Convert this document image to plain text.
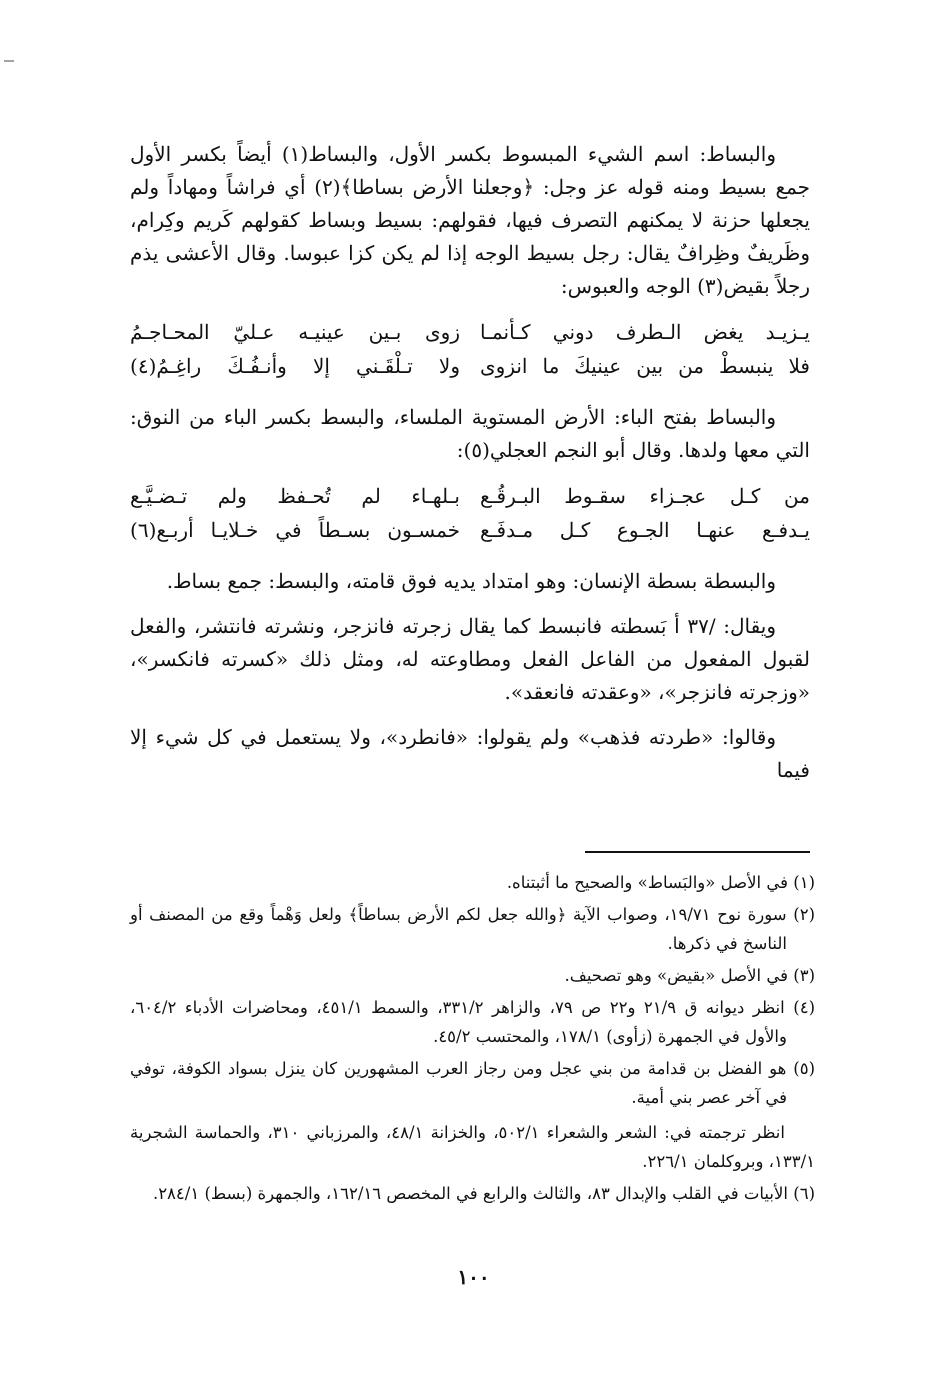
والبساط: اسم الشيء المبسوط بكسر الأول، والبساط(١) أيضاً بكسر الأول جمع بسيط ومنه قوله عز وجل: ﴿وجعلنا الأرض بساطا﴾(٢) أي فراشاً ومهاداً ولم يجعلها حزنة لا يمكنهم التصرف فيها، فقولهم: بسيط وبساط كقولهم كَريم وكِرام، وظَريفٌ وظِرافٌ يقال: رجل بسيط الوجه إذا لم يكن كزا عبوسا. وقال الأعشى يذم رجلاً بقيض(٣) الوجه والعبوس:

يـزيـد يغض الـطرف دوني كـأنمـا
زوى بـين عينيـه عـليّ المحـاجـمُ
فلا ينبسطْ من بين عينيكَ ما انزوى
ولا تـلْقَـني إلا وأنـفُـكَ راغِـمُ(٤)

والبساط بفتح الباء: الأرض المستوية الملساء، والبسط بكسر الباء من النوق: التي معها ولدها. وقال أبو النجم العجلي(٥):

من كـل عجـزاء سقـوط البـرقُـع
بـلهـاء لم تُحـفظ ولم تـضـيَّـع
يـدفـع عنهـا الجـوع كـل مـدفَـع
خمسـون بسـطاً في خـلايـا أربـع(٦)

والبسطة بسطة الإنسان: وهو امتداد يديه فوق قامته، والبسط: جمع بساط.

ويقال: /٣٧ أ بَسطته فانبسط كما يقال زجرته فانزجر، ونشرته فانتشر، والفعل لقبول المفعول من الفاعل الفعل ومطاوعته له، ومثل ذلك «كسرته فانكسر»، «وزجرته فانزجر»، «وعقدته فانعقد».

وقالوا: «طردته فذهب» ولم يقولوا: «فانطرد»، ولا يستعمل في كل شيء إلا فيما

(١) في الأصل «والبَساط» والصحيح ما أثبتناه.

(٢) سورة نوح ١٩/٧١، وصواب الآية ﴿والله جعل لكم الأرض بساطاً﴾ ولعل وَهْماً وقع من المصنف أو الناسخ في ذكرها.

(٣) في الأصل «بقيض» وهو تصحيف.

(٤) انظر ديوانه ق ٢١/٩ و٢٢ ص ٧٩، والزاهر ٣٣١/٢، والسمط ٤٥١/١، ومحاضرات الأدباء ٦٠٤/٢، والأول في الجمهرة (زأوى) ١٧٨/١، والمحتسب ٤٥/٢.

(٥) هو الفضل بن قدامة من بني عجل ومن رجاز العرب المشهورين كان ينزل بسواد الكوفة، توفي في آخر عصر بني أمية.

انظر ترجمته في: الشعر والشعراء ٥٠٢/١، والخزانة ٤٨/١، والمرزباني ٣١٠، والحماسة الشجرية ١٣٣/١، وبروكلمان ٢٢٦/١.

(٦) الأبيات في القلب والإبدال ٨٣، والثالث والرابع في المخصص ١٦٢/١٦، والجمهرة (بسط) ٢٨٤/١.

١٠٠
